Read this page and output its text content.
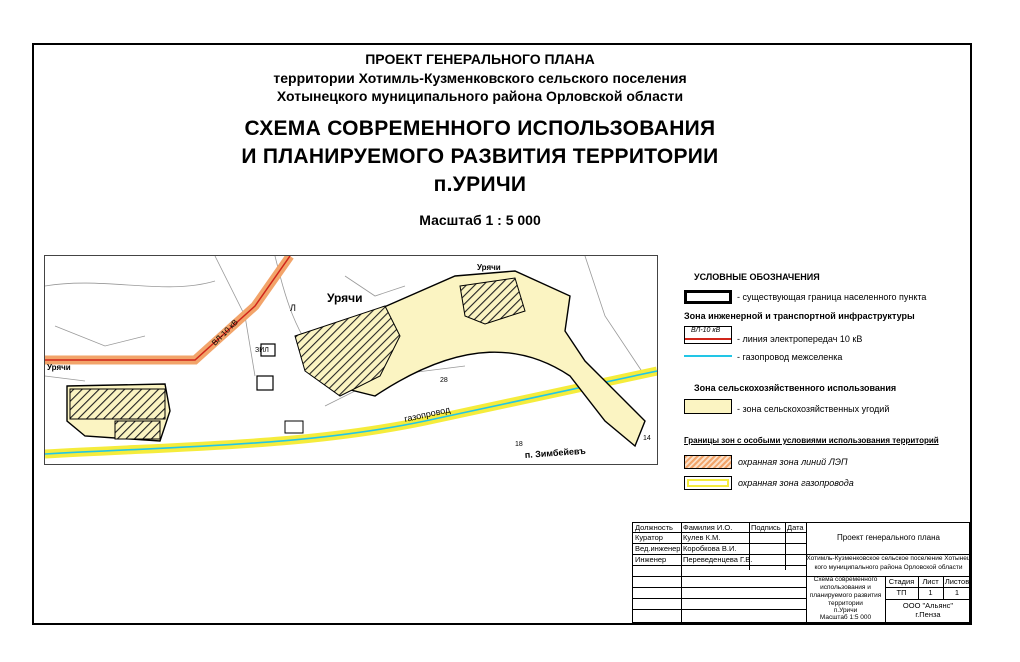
ПРОЕКТ ГЕНЕРАЛЬНОГО ПЛАНА
территории Хотимль-Кузменковского сельского поселения
Хотынецкого муниципального района Орловской области
СХЕМА СОВРЕМЕННОГО ИСПОЛЬЗОВАНИЯ
И ПЛАНИРУЕМОГО РАЗВИТИЯ ТЕРРИТОРИИ
п.УРИЧИ
Масштаб 1 : 5 000
ВЛ-10 кВ
Урячи
Урячи
Урячи
газопровод
п. Зимбейевъ
Л
ЗИЛ
28
18
14
УСЛОВНЫЕ ОБОЗНАЧЕНИЯ
- существующая граница населенного пункта
Зона инженерной и транспортной инфраструктуры
ВЛ-10 кВ
- линия электропередач 10 кВ
- газопровод межселенка
Зона сельскохозяйственного использования
- зона сельскохозяйственных угодий
Границы зон с особыми условиями использования территорий
охранная зона линий ЛЭП
охранная зона газопровода
Должность Фамилия И.О. Подпись Дата
Куратор	Кулев К.М.
Вед.инженер Коробкова В.И.
Инженер Переведенцева Г.В.
Проект генерального плана
Хотимль-Кузменковское сельское поселение Хотынец
кого муниципального района Орловской области
Схема современного
использования и
планируемого развития
территории
п.Уричи
Масштаб 1:5 000
Стадия	Лист Листов
ТП	1	1
ООО "Альянс"
г.Пенза
